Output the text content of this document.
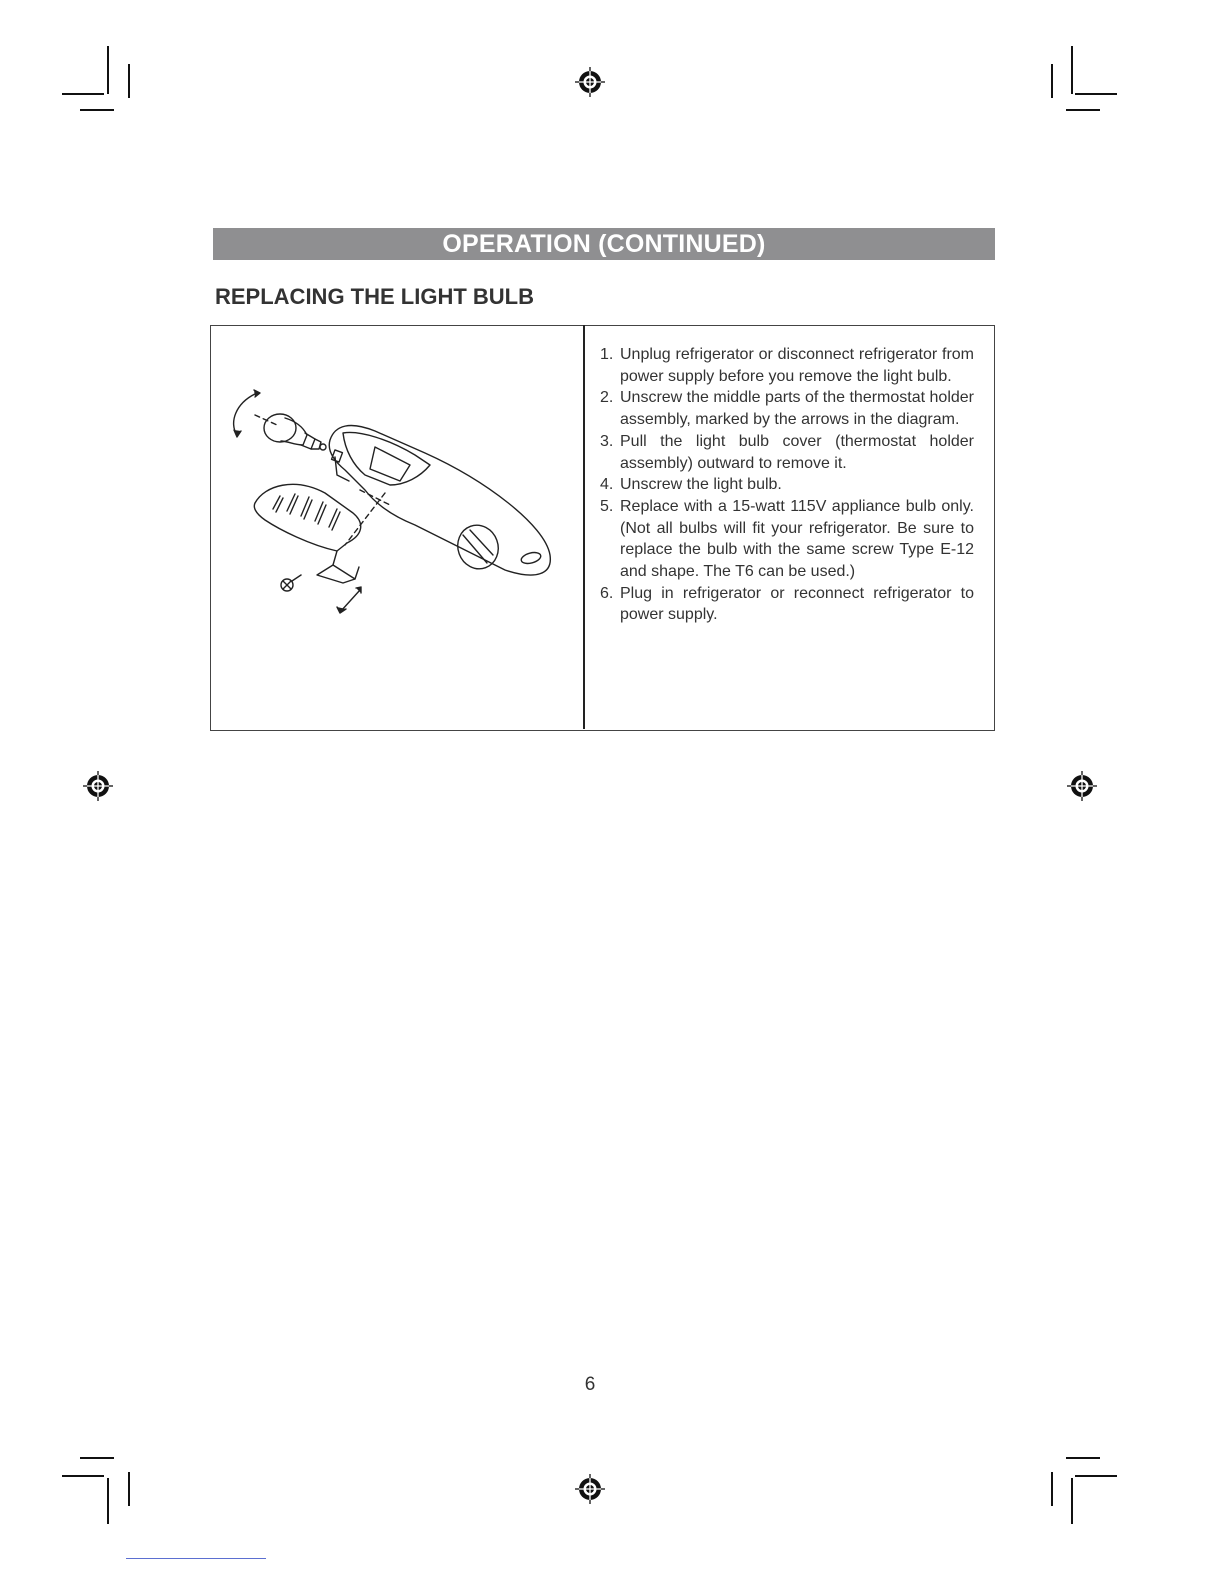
OPERATION (CONTINUED)
REPLACING THE LIGHT BULB
1. Unplug refrigerator or disconnect refrigerator from power supply before you remove the light bulb.
2. Unscrew the middle parts of the thermostat holder assembly, marked by the arrows in the diagram.
3. Pull the light bulb cover (thermostat holder assembly) outward to remove it.
4. Unscrew the light bulb.
5. Replace with a 15-watt 115V appliance bulb only. (Not all bulbs will fit your refrigerator. Be sure to replace the bulb with the same screw Type E-12 and shape. The T6 can be used.)
6. Plug in refrigerator or reconnect refrigerator to power supply.
6
